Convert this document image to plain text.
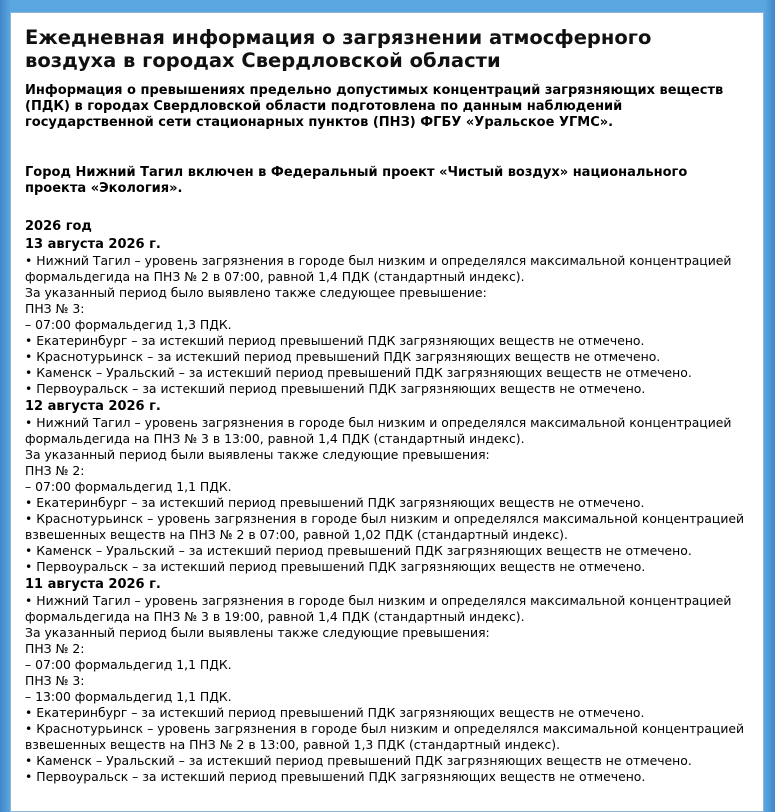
Ежедневная информация о загрязнении атмосферного воздуха в городах Свердловской области

Информация о превышениях предельно допустимых концентраций загрязняющих веществ (ПДК) в городах Свердловской области подготовлена по данным наблюдений государственной сети стационарных пунктов (ПНЗ) ФГБУ «Уральское УГМС».

Город Нижний Тагил включен в Федеральный проект «Чистый воздух» национального проекта «Экология».

2026 год
13 августа 2026 г.
• Нижний Тагил – уровень загрязнения в городе был низким и определялся максимальной концентрацией формальдегида на ПНЗ № 2 в 07:00, равной 1,4 ПДК (стандартный индекс).
За указанный период было выявлено также следующее превышение:
ПНЗ № 3:
– 07:00 формальдегид 1,3 ПДК.
• Екатеринбург – за истекший период превышений ПДК загрязняющих веществ не отмечено.
• Краснотурьинск – за истекший период превышений ПДК загрязняющих веществ не отмечено.
• Каменск – Уральский – за истекший период превышений ПДК загрязняющих веществ не отмечено.
• Первоуральск – за истекший период превышений ПДК загрязняющих веществ не отмечено.
12 августа 2026 г.
• Нижний Тагил – уровень загрязнения в городе был низким и определялся максимальной концентрацией формальдегида на ПНЗ № 3 в 13:00, равной 1,4 ПДК (стандартный индекс).
За указанный период были выявлены также следующие превышения:
ПНЗ № 2:
– 07:00 формальдегид 1,1 ПДК.
• Екатеринбург – за истекший период превышений ПДК загрязняющих веществ не отмечено.
• Краснотурьинск – уровень загрязнения в городе был низким и определялся максимальной концентрацией взвешенных веществ на ПНЗ № 2 в 07:00, равной 1,02 ПДК (стандартный индекс).
• Каменск – Уральский – за истекший период превышений ПДК загрязняющих веществ не отмечено.
• Первоуральск – за истекший период превышений ПДК загрязняющих веществ не отмечено.
11 августа 2026 г.
• Нижний Тагил – уровень загрязнения в городе был низким и определялся максимальной концентрацией формальдегида на ПНЗ № 3 в 19:00, равной 1,4 ПДК (стандартный индекс).
За указанный период были выявлены также следующие превышения:
ПНЗ № 2:
– 07:00 формальдегид 1,1 ПДК.
ПНЗ № 3:
– 13:00 формальдегид 1,1 ПДК.
• Екатеринбург – за истекший период превышений ПДК загрязняющих веществ не отмечено.
• Краснотурьинск – уровень загрязнения в городе был низким и определялся максимальной концентрацией взвешенных веществ на ПНЗ № 2 в 13:00, равной 1,3 ПДК (стандартный индекс).
• Каменск – Уральский – за истекший период превышений ПДК загрязняющих веществ не отмечено.
• Первоуральск – за истекший период превышений ПДК загрязняющих веществ не отмечено.
